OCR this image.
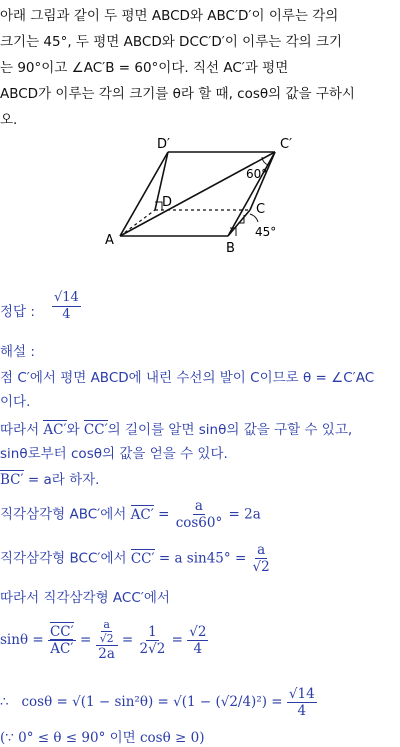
아래 그림과 같이 두 평면 ABCD와 ABC′D′이 이루는 각의
크기는 45°, 두 평면 ABCD와 DCC′D′이 이루는 각의 크기
는 90°이고 ∠AC′B = 60°이다. 직선 AC′과 평면
ABCD가 이루는 각의 크기를 θ라 할 때, cosθ의 값을 구하시
오.
D′	C′
D	C
A
B
60°
45°
정답 : $\frac{√14}{4}$
해설 :
점 C′에서 평면 ABCD에 내린 수선의 발이 C이므로 θ = ∠C′AC
이다.
따라서 AC′와 CC′의 길이를 알면 sinθ의 값을 구할 수 있고,
sinθ로부터 cosθ의 값을 얻을 수 있다.
BC′ = a라 하자.
직각삼각형 ABC′에서 $AC' = \frac{a}{\cos 60^\circ} = 2a$
직각삼각형 BCC′에서 CC′ = a $\sin 45^\circ = \frac{a}{√2}$
따라서 직각삼각형 ACC′에서
$\sin\theta = \frac{CC'}{AC'} = \frac{\frac{a}{√2}}{2a} = \frac{1}{2√2} = \frac{√2}{4}$
∴ $\cos\theta = √(1 - \sin^2\theta) = √(1 - (√2/4)^2) = \frac{√14}{4}$
(∵ 0° ≤ θ ≤ 90° 이면 cosθ ≥ 0)
